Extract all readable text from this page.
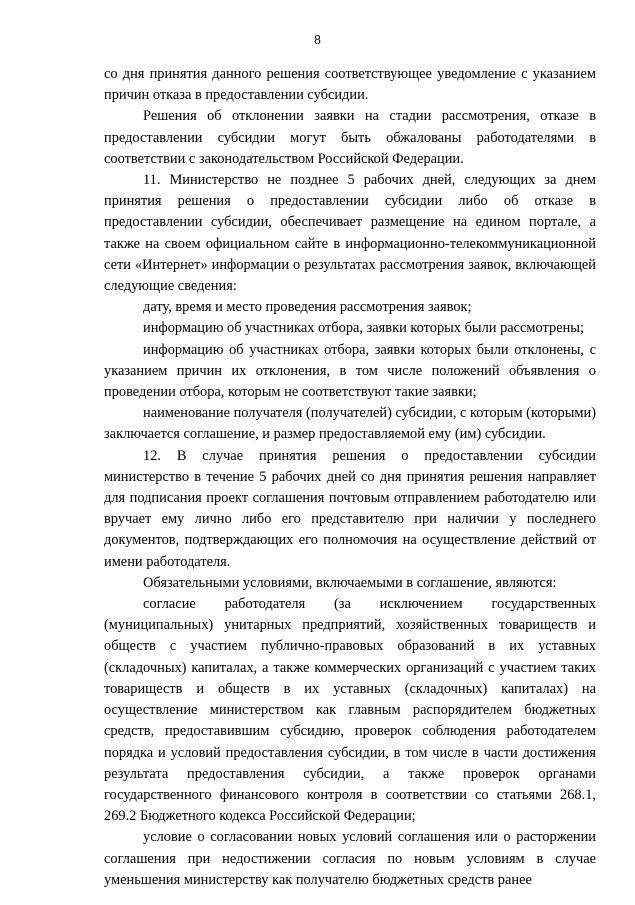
8

со дня принятия данного решения соответствующее уведомление с указанием причин отказа в предоставлении субсидии.

Решения об отклонении заявки на стадии рассмотрения, отказе в предоставлении субсидии могут быть обжалованы работодателями в соответствии с законодательством Российской Федерации.

11. Министерство не позднее 5 рабочих дней, следующих за днем принятия решения о предоставлении субсидии либо об отказе в предоставлении субсидии, обеспечивает размещение на едином портале, а также на своем официальном сайте в информационно-телекоммуникационной сети «Интернет» информации о результатах рассмотрения заявок, включающей следующие сведения:

дату, время и место проведения рассмотрения заявок;

информацию об участниках отбора, заявки которых были рассмотрены;

информацию об участниках отбора, заявки которых были отклонены, с указанием причин их отклонения, в том числе положений объявления о проведении отбора, которым не соответствуют такие заявки;

наименование получателя (получателей) субсидии, с которым (которыми) заключается соглашение, и размер предоставляемой ему (им) субсидии.

12. В случае принятия решения о предоставлении субсидии министерство в течение 5 рабочих дней со дня принятия решения направляет для подписания проект соглашения почтовым отправлением работодателю или вручает ему лично либо его представителю при наличии у последнего документов, подтверждающих его полномочия на осуществление действий от имени работодателя.

Обязательными условиями, включаемыми в соглашение, являются:

согласие работодателя (за исключением государственных (муниципальных) унитарных предприятий, хозяйственных товариществ и обществ с участием публично-правовых образований в их уставных (складочных) капиталах, а также коммерческих организаций с участием таких товариществ и обществ в их уставных (складочных) капиталах) на осуществление министерством как главным распорядителем бюджетных средств, предоставившим субсидию, проверок соблюдения работодателем порядка и условий предоставления субсидии, в том числе в части достижения результата предоставления субсидии, а также проверок органами государственного финансового контроля в соответствии со статьями 268.1, 269.2 Бюджетного кодекса Российской Федерации;

условие о согласовании новых условий соглашения или о расторжении соглашения при недостижении согласия по новым условиям в случае уменьшения министерству как получателю бюджетных средств ранее
